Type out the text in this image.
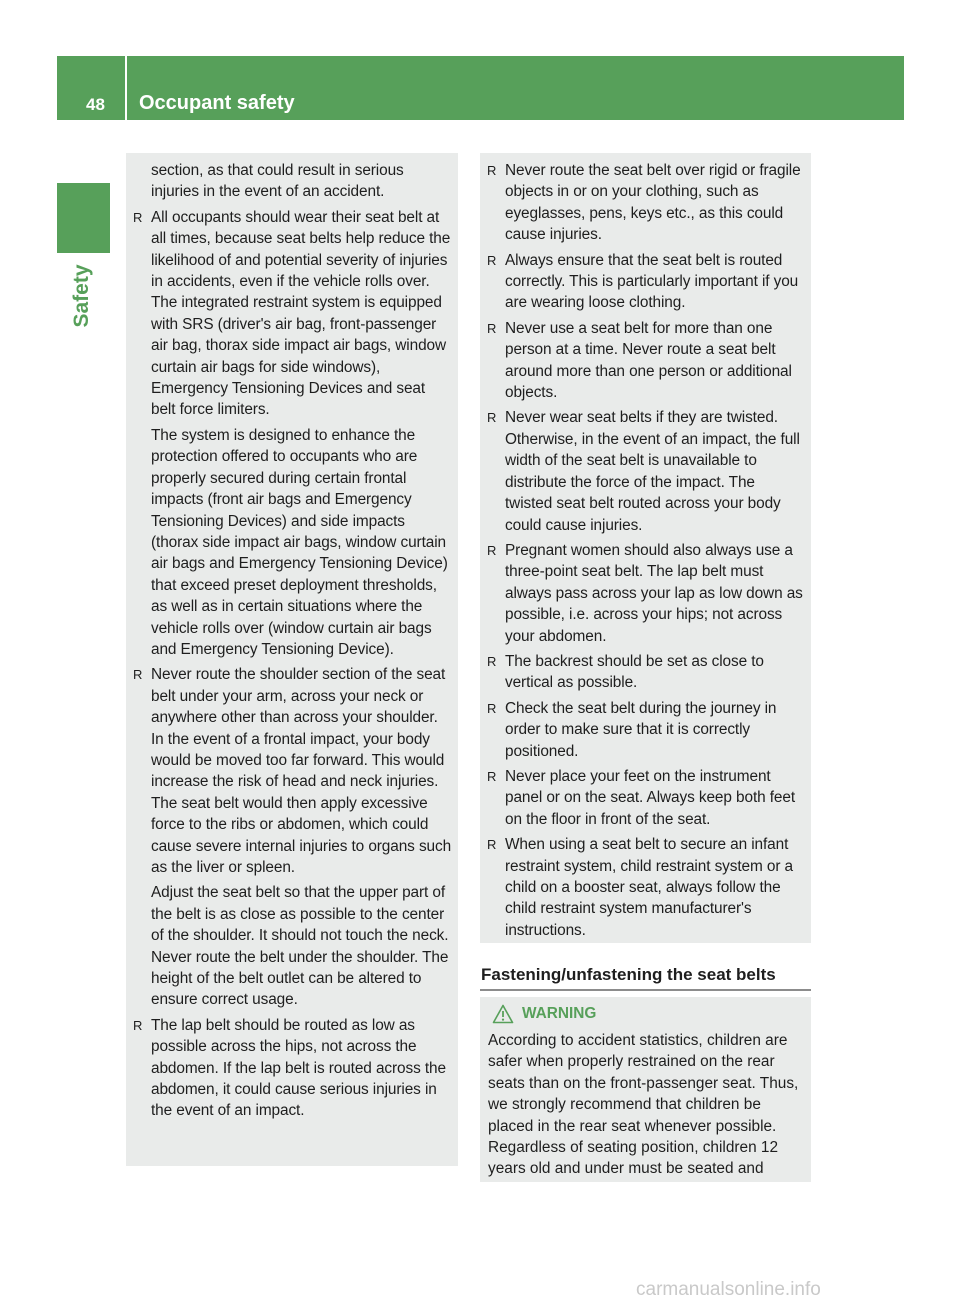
48 Occupant safety
Safety

section, as that could result in serious injuries in the event of an accident.

R All occupants should wear their seat belt at all times, because seat belts help reduce the likelihood of and potential severity of injuries in accidents, even if the vehicle rolls over. The integrated restraint system is equipped with SRS (driver's air bag, front-passenger air bag, thorax side impact air bags, window curtain air bags for side windows), Emergency Tensioning Devices and seat belt force limiters.

The system is designed to enhance the protection offered to occupants who are properly secured during certain frontal impacts (front air bags and Emergency Tensioning Devices) and side impacts (thorax side impact air bags, window curtain air bags and Emergency Tensioning Device) that exceed preset deployment thresholds, as well as in certain situations where the vehicle rolls over (window curtain air bags and Emergency Tensioning Device).

R Never route the shoulder section of the seat belt under your arm, across your neck or anywhere other than across your shoulder. In the event of a frontal impact, your body would be moved too far forward. This would increase the risk of head and neck injuries. The seat belt would then apply excessive force to the ribs or abdomen, which could cause severe internal injuries to organs such as the liver or spleen.

Adjust the seat belt so that the upper part of the belt is as close as possible to the center of the shoulder. It should not touch the neck. Never route the belt under the shoulder. The height of the belt outlet can be altered to ensure correct usage.

R The lap belt should be routed as low as possible across the hips, not across the abdomen. If the lap belt is routed across the abdomen, it could cause serious injuries in the event of an impact.
R Never route the seat belt over rigid or fragile objects in or on your clothing, such as eyeglasses, pens, keys etc., as this could cause injuries.
R Always ensure that the seat belt is routed correctly. This is particularly important if you are wearing loose clothing.
R Never use a seat belt for more than one person at a time. Never route a seat belt around more than one person or additional objects.
R Never wear seat belts if they are twisted. Otherwise, in the event of an impact, the full width of the seat belt is unavailable to distribute the force of the impact. The twisted seat belt routed across your body could cause injuries.
R Pregnant women should also always use a three-point seat belt. The lap belt must always pass across your lap as low down as possible, i.e. across your hips; not across your abdomen.
R The backrest should be set as close to vertical as possible.
R Check the seat belt during the journey in order to make sure that it is correctly positioned.
R Never place your feet on the instrument panel or on the seat. Always keep both feet on the floor in front of the seat.
R When using a seat belt to secure an infant restraint system, child restraint system or a child on a booster seat, always follow the child restraint system manufacturer's instructions.
Fastening/unfastening the seat belts
WARNING

According to accident statistics, children are safer when properly restrained on the rear seats than on the front-passenger seat. Thus, we strongly recommend that children be placed in the rear seat whenever possible. Regardless of seating position, children 12 years old and under must be seated and

carmanualsonline.info
